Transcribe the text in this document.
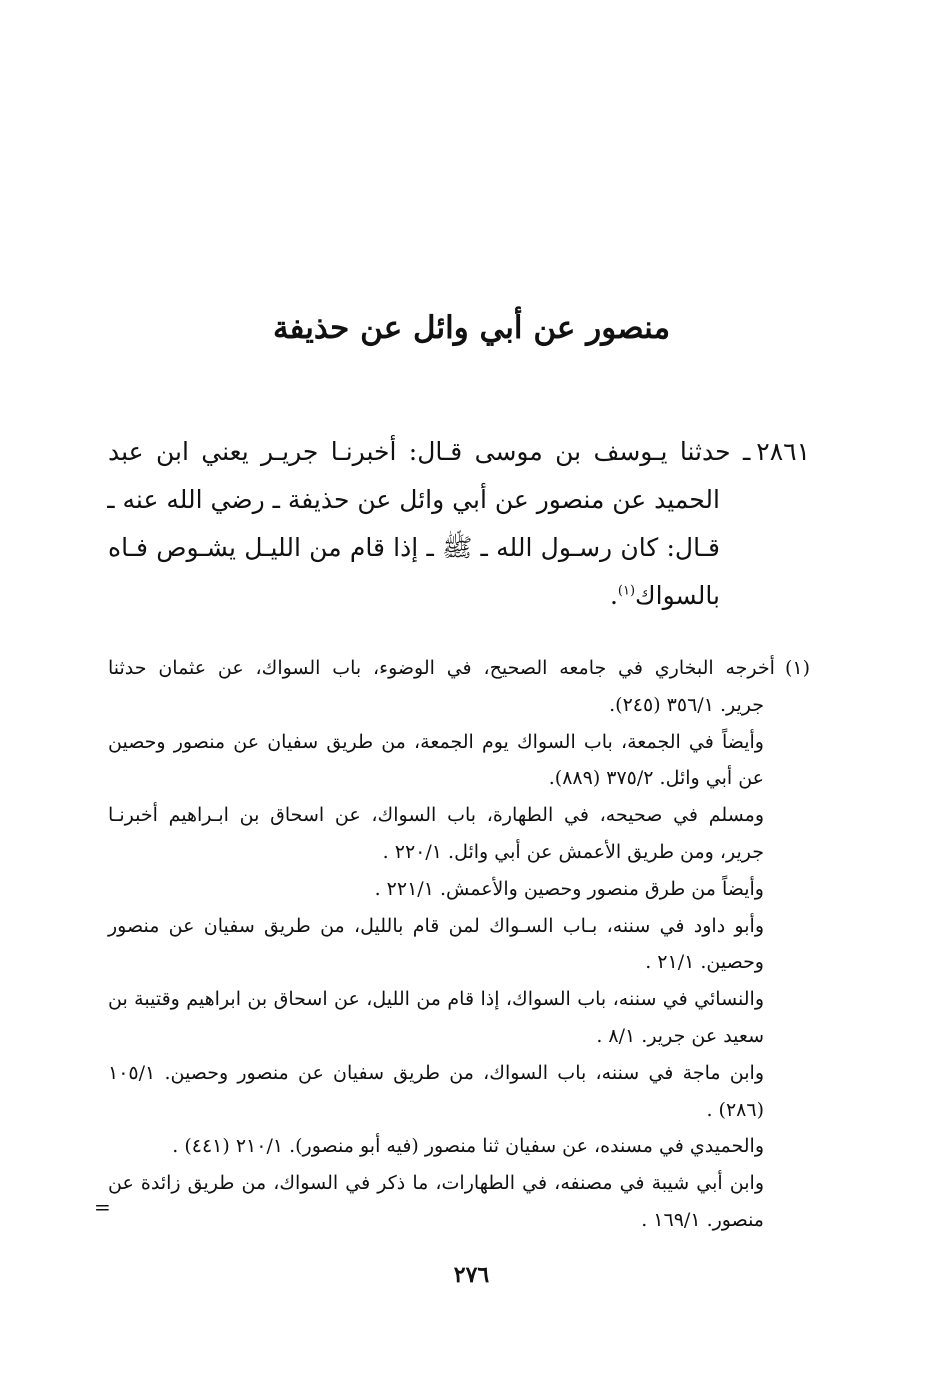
منصور عن أبي وائل عن حذيفة
٢٨٦١ـ حدثنا يـوسف بن موسى قـال: أخبرنـا جريـر يعني ابن عبد
الحميد عن منصور عن أبي وائل عن حذيفة ـ رضي الله عنه ـ
قـال: كان رسـول الله ـ ﷺ ـ إذا قام من الليـل يشـوص فـاه
بالسواك$^{(١)}$.
(١)أخرجه البخاري في جامعه الصحيح، في الوضوء، باب السواك، عن عثمان حدثنا
جرير. ٣٥٦/١ (٢٤٥).
وأيضاً في الجمعة، باب السواك يوم الجمعة، من طريق سفيان عن منصور وحصين
عن أبي وائل. ٣٧٥/٢ (٨٨٩).
ومسلم في صحيحه، في الطهارة، باب السواك، عن اسحاق بن ابـراهيم أخبرنـا
جرير، ومن طريق الأعمش عن أبي وائل. ٢٢٠/١ .
وأيضاً من طرق منصور وحصين والأعمش. ٢٢١/١ .
وأبو داود في سننه، بـاب السـواك لمن قام بالليل، من طريق سفيان عن منصور
وحصين. ٢١/١ .
والنسائي في سننه، باب السواك، إذا قام من الليل، عن اسحاق بن ابراهيم وقتيبة بن
سعيد عن جرير. ٨/١ .
وابن ماجة في سننه، باب السواك، من طريق سفيان عن منصور وحصين. ١٠٥/١
(٢٨٦) .
والحميدي في مسنده، عن سفيان ثنا منصور (فيه أبو منصور). ٢١٠/١ (٤٤١) .
وابن أبي شيبة في مصنفه، في الطهارات، ما ذكر في السواك، من طريق زائدة عن
منصور. ١٦٩/١ .
=
٢٧٦
